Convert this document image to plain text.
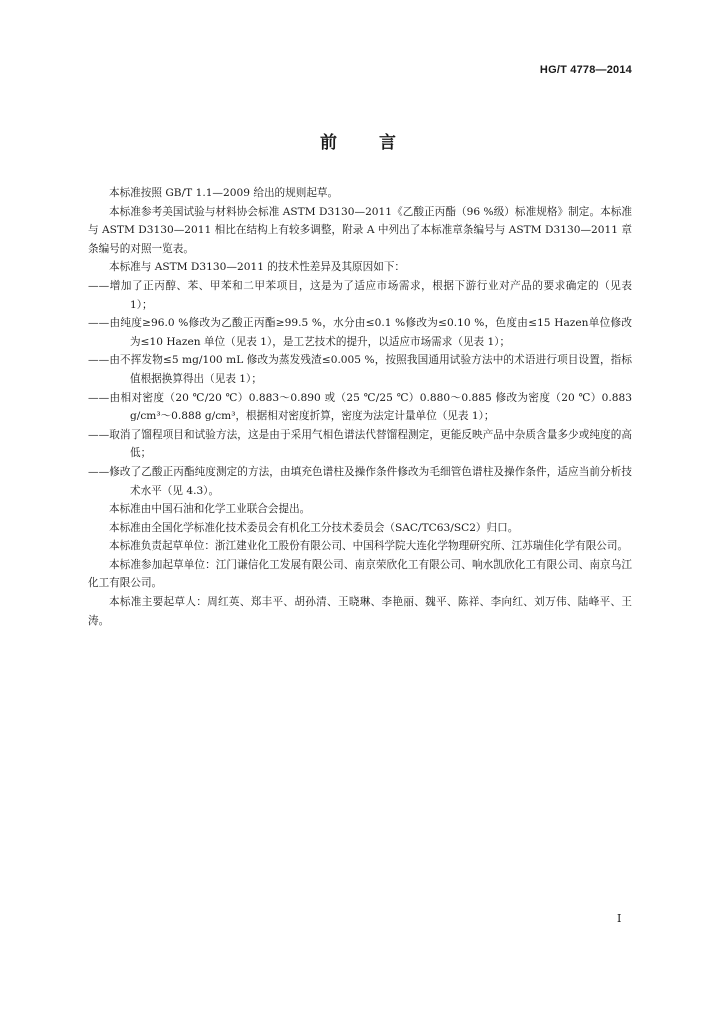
HG/T 4778—2014
前言

本标准按照 GB/T 1.1—2009 给出的规则起草。

本标准参考美国试验与材料协会标准 ASTM D3130—2011《乙酸正丙酯（96 %级）标准规格》制定。本标准与 ASTM D3130—2011 相比在结构上有较多调整，附录 A 中列出了本标准章条编号与 ASTM D3130—2011 章条编号的对照一览表。

本标准与 ASTM D3130—2011 的技术性差异及其原因如下：

——增加了正丙醇、苯、甲苯和二甲苯项目，这是为了适应市场需求，根据下游行业对产品的要求确定的（见表 1）；

——由纯度≥96.0 %修改为乙酸正丙酯≥99.5 %，水分由≤0.1 %修改为≤0.10 %，色度由≤15 Hazen单位修改为≤10 Hazen 单位（见表 1），是工艺技术的提升，以适应市场需求（见表 1）；

——由不挥发物≤5 mg/100 mL 修改为蒸发残渣≤0.005 %，按照我国通用试验方法中的术语进行项目设置，指标值根据换算得出（见表 1）；

——由相对密度（20 ℃/20 ℃）0.883～0.890 或（25 ℃/25 ℃）0.880～0.885 修改为密度（20 ℃）0.883 g/cm³～0.888 g/cm³，根据相对密度折算，密度为法定计量单位（见表 1）；

——取消了馏程项目和试验方法，这是由于采用气相色谱法代替馏程测定，更能反映产品中杂质含量多少或纯度的高低；

——修改了乙酸正丙酯纯度测定的方法，由填充色谱柱及操作条件修改为毛细管色谱柱及操作条件，适应当前分析技术水平（见 4.3）。

本标准由中国石油和化学工业联合会提出。

本标准由全国化学标准化技术委员会有机化工分技术委员会（SAC/TC63/SC2）归口。

本标准负责起草单位：浙江建业化工股份有限公司、中国科学院大连化学物理研究所、江苏瑞佳化学有限公司。

本标准参加起草单位：江门谦信化工发展有限公司、南京荣欣化工有限公司、响水凯欣化工有限公司、南京乌江化工有限公司。

本标准主要起草人：周红英、郑丰平、胡孙清、王晓琳、李艳丽、魏平、陈祥、李向红、刘万伟、陆峰平、王涛。

I
